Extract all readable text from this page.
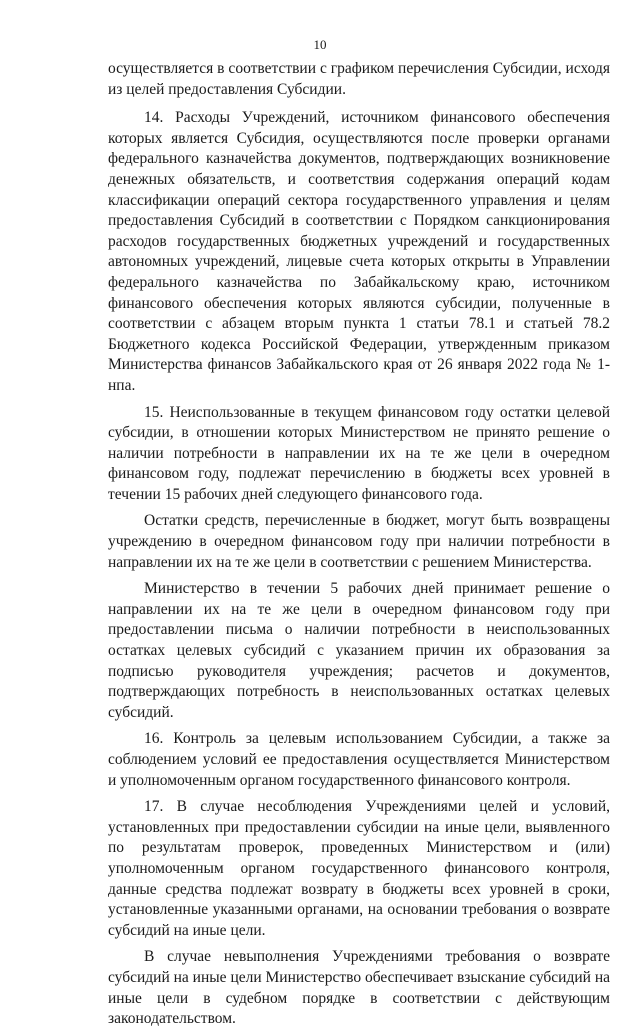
10

осуществляется в соответствии с графиком перечисления Субсидии, исходя из целей предоставления Субсидии.

14. Расходы Учреждений, источником финансового обеспечения которых является Субсидия, осуществляются после проверки органами федерального казначейства документов, подтверждающих возникновение денежных обязательств, и соответствия содержания операций кодам классификации операций сектора государственного управления и целям предоставления Субсидий в соответствии с Порядком санкционирования расходов государственных бюджетных учреждений и государственных автономных учреждений, лицевые счета которых открыты в Управлении федерального казначейства по Забайкальскому краю, источником финансового обеспечения которых являются субсидии, полученные в соответствии с абзацем вторым пункта 1 статьи 78.1 и статьей 78.2 Бюджетного кодекса Российской Федерации, утвержденным приказом Министерства финансов Забайкальского края от 26 января 2022 года № 1-нпа.

15. Неиспользованные в текущем финансовом году остатки целевой субсидии, в отношении которых Министерством не принято решение о наличии потребности в направлении их на те же цели в очередном финансовом году, подлежат перечислению в бюджеты всех уровней в течении 15 рабочих дней следующего финансового года.

Остатки средств, перечисленные в бюджет, могут быть возвращены учреждению в очередном финансовом году при наличии потребности в направлении их на те же цели в соответствии с решением Министерства.

Министерство в течении 5 рабочих дней принимает решение о направлении их на те же цели в очередном финансовом году при предоставлении письма о наличии потребности в неиспользованных остатках целевых субсидий с указанием причин их образования за подписью руководителя учреждения; расчетов и документов, подтверждающих потребность в неиспользованных остатках целевых субсидий.

16. Контроль за целевым использованием Субсидии, а также за соблюдением условий ее предоставления осуществляется Министерством и уполномоченным органом государственного финансового контроля.

17. В случае несоблюдения Учреждениями целей и условий, установленных при предоставлении субсидии на иные цели, выявленного по результатам проверок, проведенных Министерством и (или) уполномоченным органом государственного финансового контроля, данные средства подлежат возврату в бюджеты всех уровней в сроки, установленные указанными органами, на основании требования о возврате субсидий на иные цели.

В случае невыполнения Учреждениями требования о возврате субсидий на иные цели Министерство обеспечивает взыскание субсидий на иные цели в судебном порядке в соответствии с действующим законодательством.
